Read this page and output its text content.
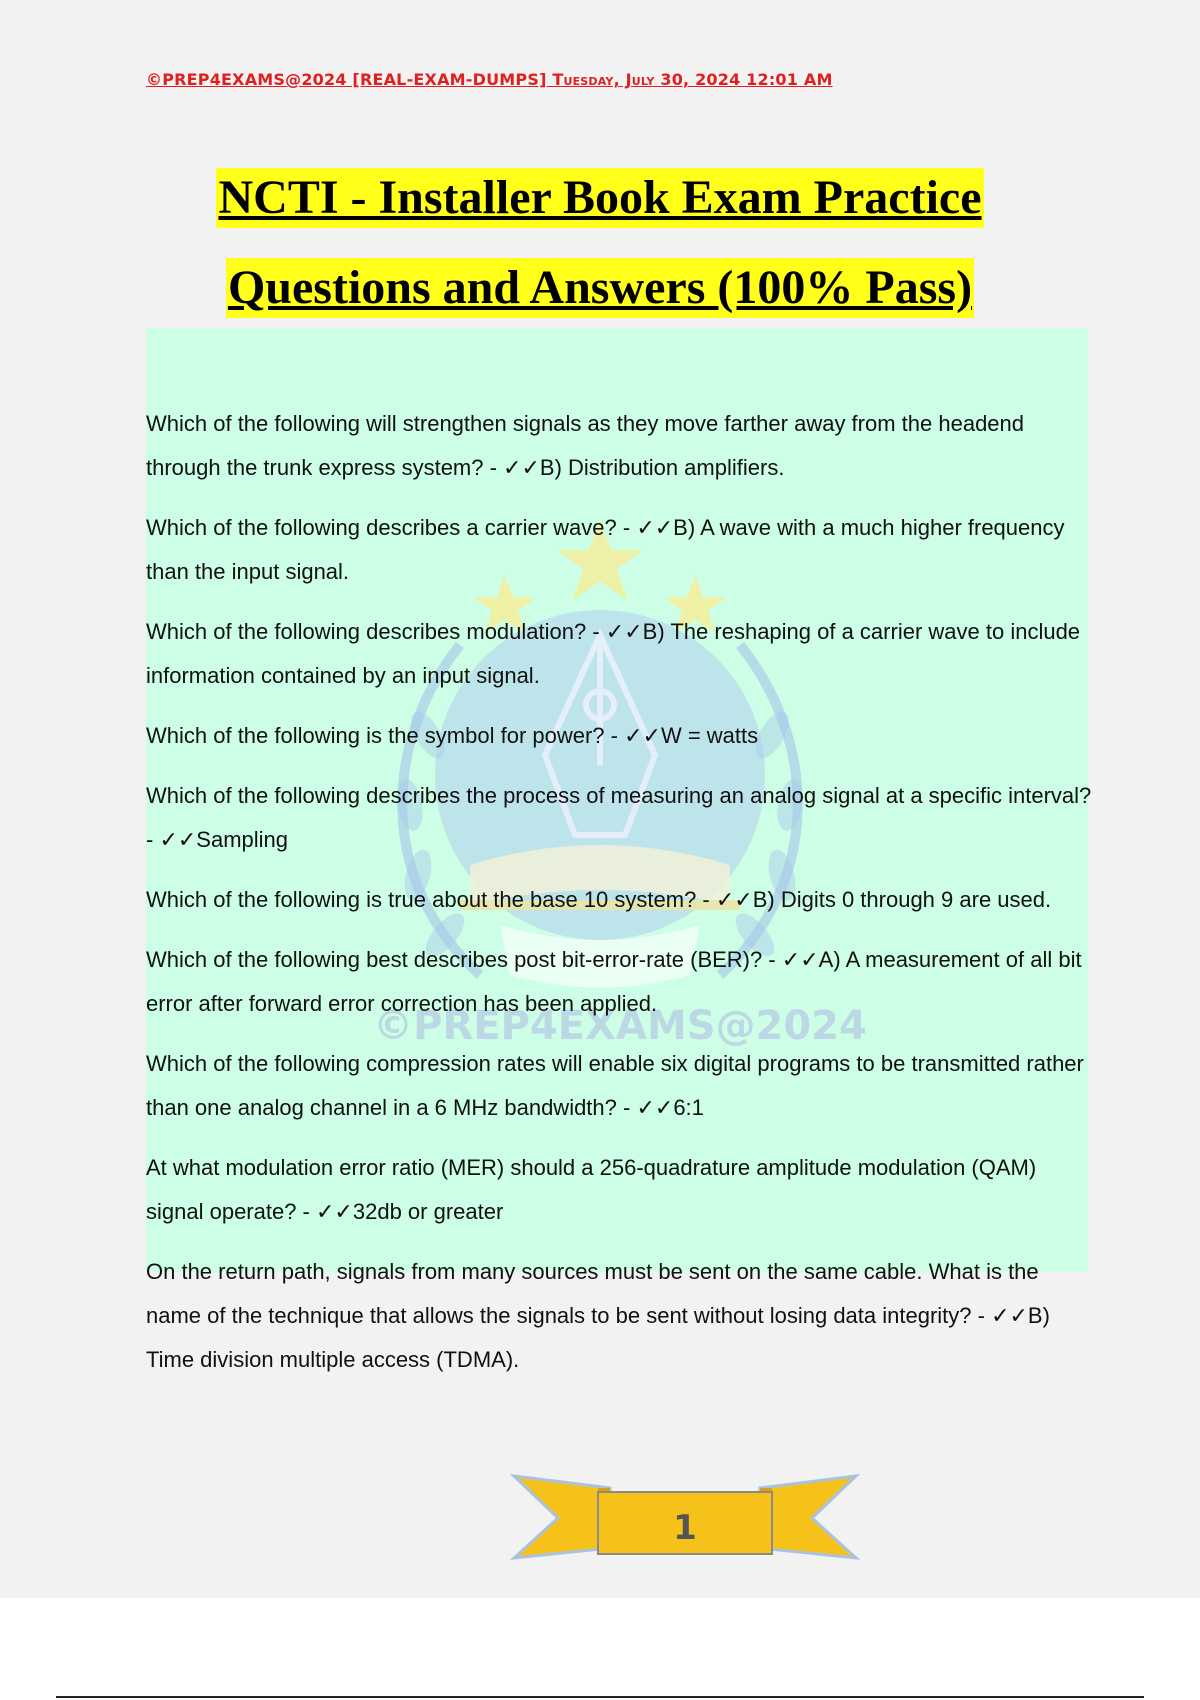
©PREP4EXAMS@2024 [REAL-EXAM-DUMPS] Tuesday, July 30, 2024 12:01 AM
NCTI - Installer Book Exam Practice
Questions and Answers (100% Pass)
©PREP4EXAMS@2024

Which of the following will strengthen signals as they move farther away from the headend through the trunk express system? - ✓✓B) Distribution amplifiers.

Which of the following describes a carrier wave? - ✓✓B) A wave with a much higher frequency than the input signal.

Which of the following describes modulation? - ✓✓B) The reshaping of a carrier wave to include information contained by an input signal.

Which of the following is the symbol for power? - ✓✓W = watts

Which of the following describes the process of measuring an analog signal at a specific interval? - ✓✓Sampling

Which of the following is true about the base 10 system? - ✓✓B) Digits 0 through 9 are used.

Which of the following best describes post bit-error-rate (BER)? - ✓✓A) A measurement of all bit error after forward error correction has been applied.

Which of the following compression rates will enable six digital programs to be transmitted rather than one analog channel in a 6 MHz bandwidth? - ✓✓6:1

At what modulation error ratio (MER) should a 256-quadrature amplitude modulation (QAM) signal operate? - ✓✓32db or greater

On the return path, signals from many sources must be sent on the same cable. What is the name of the technique that allows the signals to be sent without losing data integrity? - ✓✓B) Time division multiple access (TDMA).

1
